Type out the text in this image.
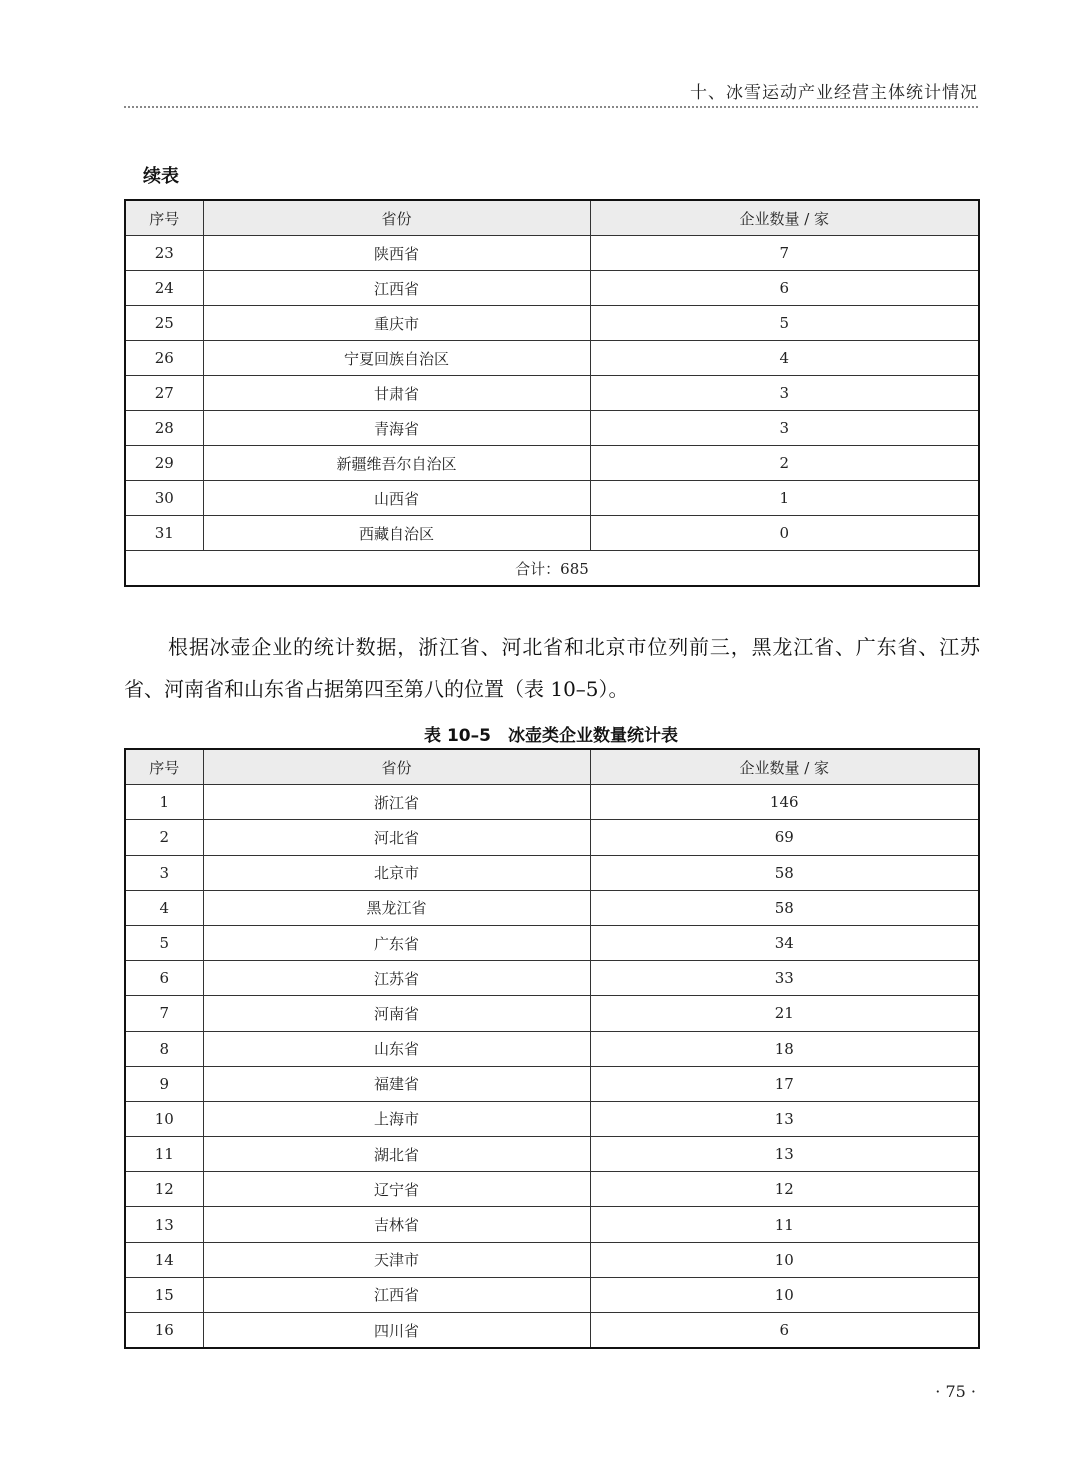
十、冰雪运动产业经营主体统计情况
续表
序号	省份	企业数量 / 家
23	陕西省	7
24	江西省	6
25	重庆市	5
26	宁夏回族自治区	4
27	甘肃省	3
28	青海省	3
29	新疆维吾尔自治区	2
30	山西省	1
31	西藏自治区	0
合计：685		

根据冰壶企业的统计数据，浙江省、河北省和北京市位列前三，黑龙江省、广东省、江苏省、河南省和山东省占据第四至第八的位置（表 10–5）。

表 10–5　冰壶类企业数量统计表
序号	省份	企业数量 / 家
1	浙江省	146
2	河北省	69
3	北京市	58
4	黑龙江省	58
5	广东省	34
6	江苏省	33
7	河南省	21
8	山东省	18
9	福建省	17
10	上海市	13
11	湖北省	13
12	辽宁省	12
13	吉林省	11
14	天津市	10
15	江西省	10
16	四川省	6
· 75 ·
